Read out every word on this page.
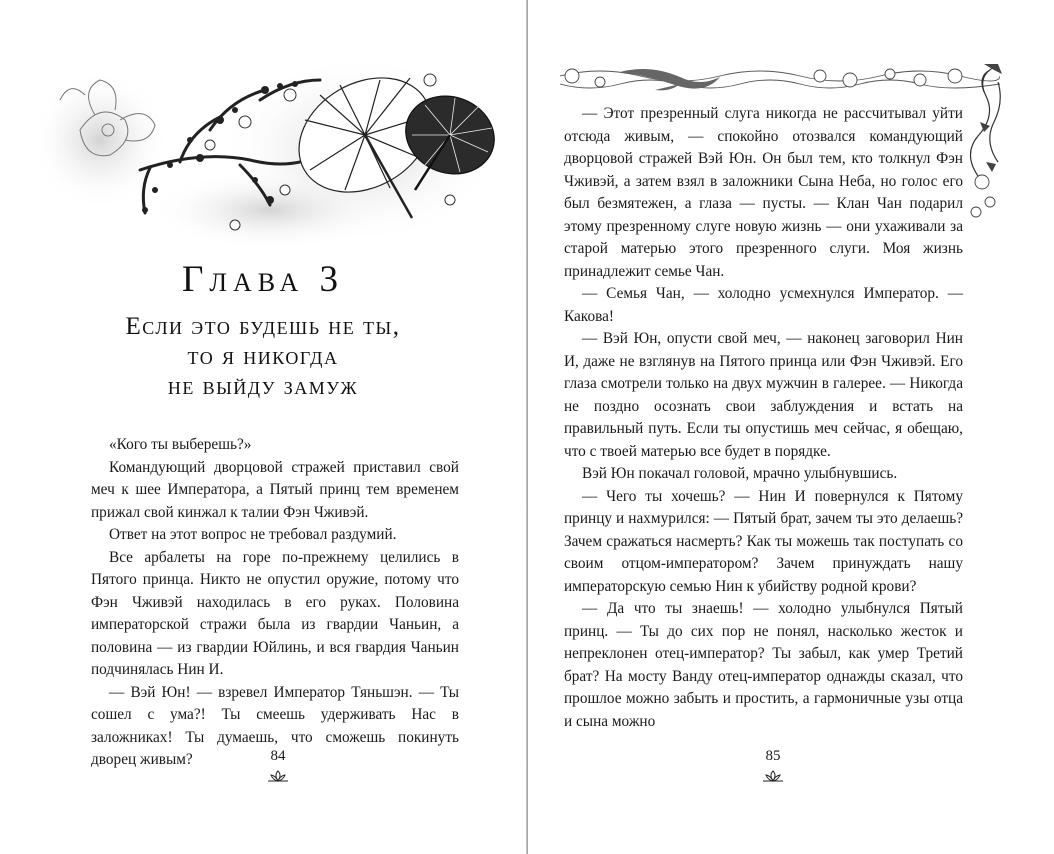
Глава 3
Если это будешь не ты,
то я никогда
не выйду замуж

«Кого ты выберешь?»

Командующий дворцовой стражей приставил свой меч к шее Императора, а Пятый принц тем временем прижал свой кинжал к талии Фэн Чживэй.

Ответ на этот вопрос не требовал раздумий.

Все арбалеты на горе по-прежнему целились в Пятого принца. Никто не опустил оружие, потому что Фэн Чживэй находилась в его руках. Половина императорской стражи была из гвардии Чаньин, а половина — из гвардии Юйлинь, и вся гвардия Чаньин подчинялась Нин И.

— Вэй Юн! — взревел Император Тяньшэн. — Ты сошел с ума?! Ты смеешь удерживать Нас в заложниках! Ты думаешь, что сможешь покинуть дворец живым?	84

— Этот презренный слуга никогда не рассчитывал уйти отсюда живым, — спокойно отозвался командующий дворцовой стражей Вэй Юн. Он был тем, кто толкнул Фэн Чживэй, а затем взял в заложники Сына Неба, но голос его был безмятежен, а глаза — пусты. — Клан Чан подарил этому презренному слуге новую жизнь — они ухаживали за старой матерью этого презренного слуги. Моя жизнь принадлежит семье Чан.

— Семья Чан, — холодно усмехнулся Император. — Какова!

— Вэй Юн, опусти свой меч, — наконец заговорил Нин И, даже не взглянув на Пятого принца или Фэн Чживэй. Его глаза смотрели только на двух мужчин в галерее. — Никогда не поздно осознать свои заблуждения и встать на правильный путь. Если ты опустишь меч сейчас, я обещаю, что с твоей матерью все будет в порядке.

Вэй Юн покачал головой, мрачно улыбнувшись.

— Чего ты хочешь? — Нин И повернулся к Пятому принцу и нахмурился: — Пятый брат, зачем ты это делаешь? Зачем сражаться насмерть? Как ты можешь так поступать со своим отцом-императором? Зачем принуждать нашу императорскую семью Нин к убийству родной крови?

— Да что ты знаешь! — холодно улыбнулся Пятый принц. — Ты до сих пор не понял, насколько жесток и непреклонен отец-император? Ты забыл, как умер Третий брат? На мосту Ванду отец-император однажды сказал, что прошлое можно забыть и простить, а гармоничные узы отца и сына можно

85
